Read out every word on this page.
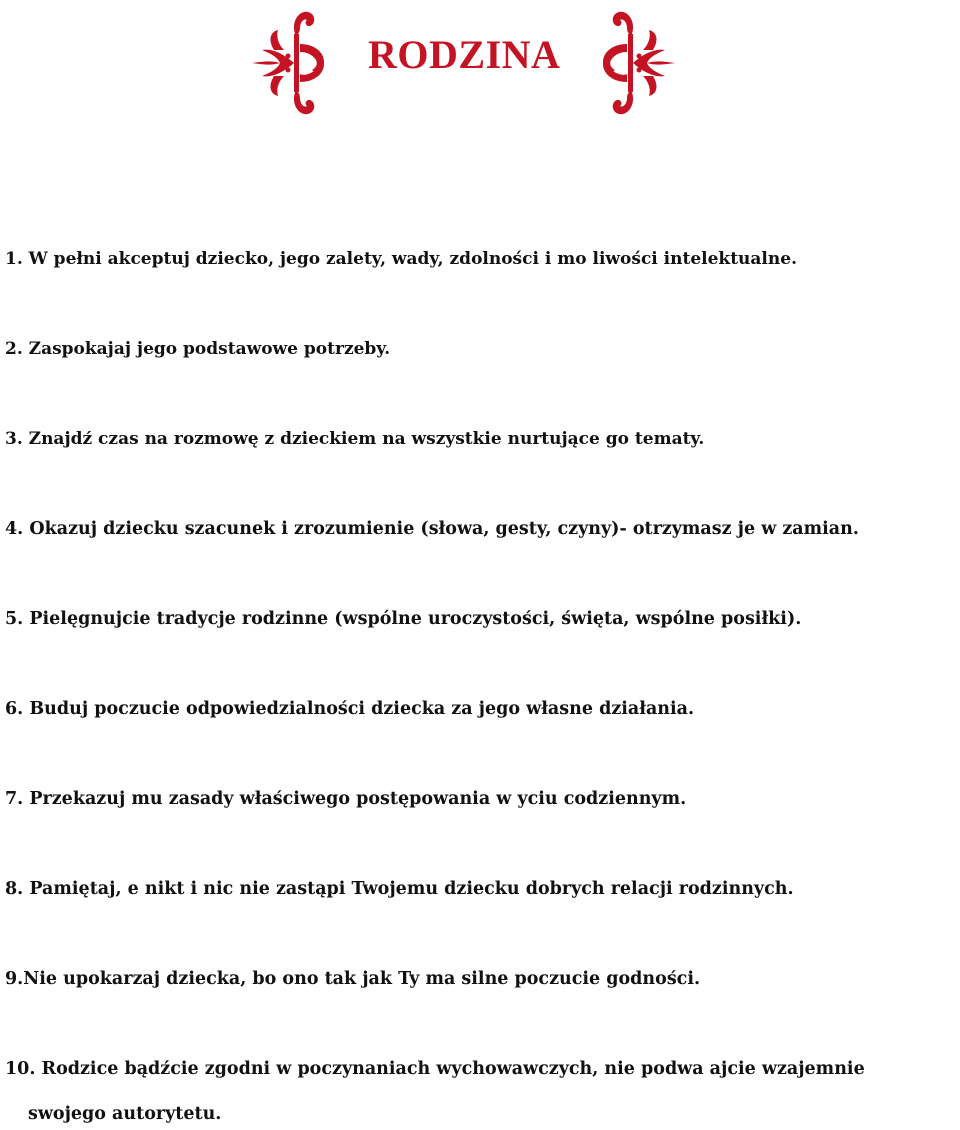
RODZINA
1. W pełni akceptuj dziecko, jego zalety, wady, zdolności i mo liwości intelektualne.
2. Zaspokajaj jego podstawowe potrzeby.
3. Znajdź czas na rozmowę z dzieckiem na wszystkie nurtujące go tematy.
4. Okazuj dziecku szacunek i zrozumienie (słowa, gesty, czyny)- otrzymasz je w zamian.
5. Pielęgnujcie tradycje rodzinne (wspólne uroczystości, święta, wspólne posiłki).
6. Buduj poczucie odpowiedzialności dziecka za jego własne działania.
7. Przekazuj mu zasady właściwego postępowania w yciu codziennym.
8. Pamiętaj, e nikt i nic nie zastąpi Twojemu dziecku dobrych relacji rodzinnych.
9.Nie upokarzaj dziecka, bo ono tak jak Ty ma silne poczucie godności.
10. Rodzice bądźcie zgodni w poczynaniach wychowawczych, nie podwa ajcie wzajemnie
swojego autorytetu.
